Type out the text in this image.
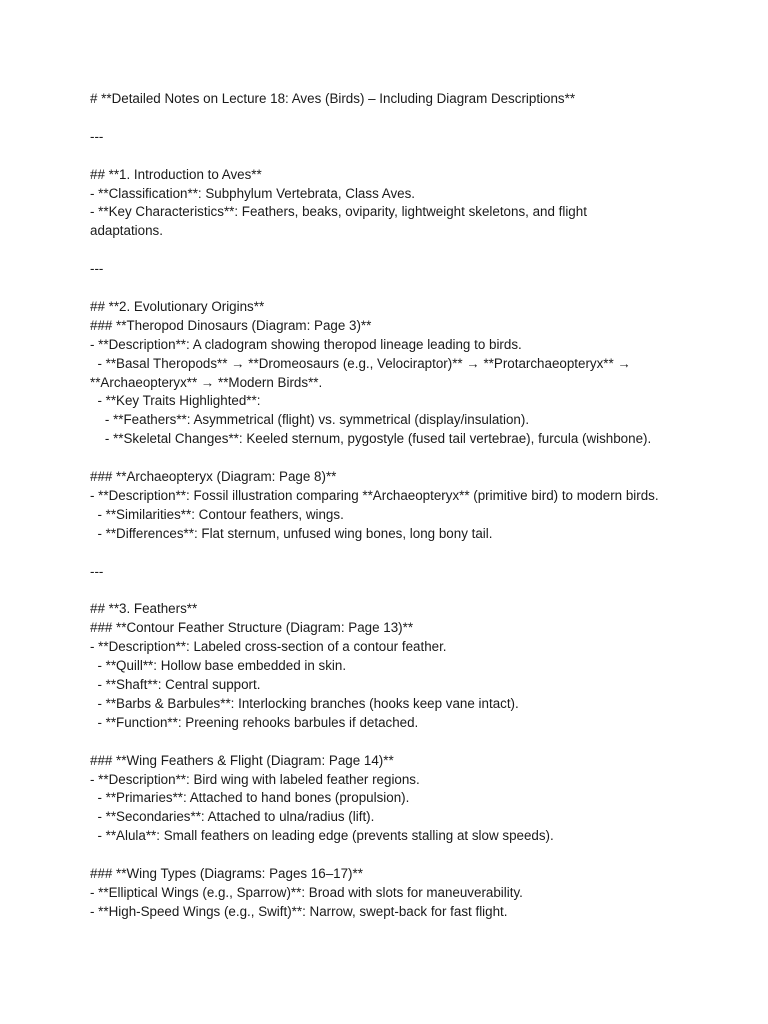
# **Detailed Notes on Lecture 18: Aves (Birds) – Including Diagram Descriptions**

---

## **1. Introduction to Aves**

- **Classification**: Subphylum Vertebrata, Class Aves.

- **Key Characteristics**: Feathers, beaks, oviparity, lightweight skeletons, and flight

adaptations.

---

## **2. Evolutionary Origins**

### **Theropod Dinosaurs (Diagram: Page 3)**

- **Description**: A cladogram showing theropod lineage leading to birds.

- **Basal Theropods** → **Dromeosaurs (e.g., Velociraptor)** → **Protarchaeopteryx** →

**Archaeopteryx** → **Modern Birds**.

- **Key Traits Highlighted**:

- **Feathers**: Asymmetrical (flight) vs. symmetrical (display/insulation).

- **Skeletal Changes**: Keeled sternum, pygostyle (fused tail vertebrae), furcula (wishbone).

### **Archaeopteryx (Diagram: Page 8)**

- **Description**: Fossil illustration comparing **Archaeopteryx** (primitive bird) to modern birds.

- **Similarities**: Contour feathers, wings.

- **Differences**: Flat sternum, unfused wing bones, long bony tail.

---

## **3. Feathers**

### **Contour Feather Structure (Diagram: Page 13)**

- **Description**: Labeled cross-section of a contour feather.

- **Quill**: Hollow base embedded in skin.

- **Shaft**: Central support.

- **Barbs & Barbules**: Interlocking branches (hooks keep vane intact).

- **Function**: Preening rehooks barbules if detached.

### **Wing Feathers & Flight (Diagram: Page 14)**

- **Description**: Bird wing with labeled feather regions.

- **Primaries**: Attached to hand bones (propulsion).

- **Secondaries**: Attached to ulna/radius (lift).

- **Alula**: Small feathers on leading edge (prevents stalling at slow speeds).

### **Wing Types (Diagrams: Pages 16–17)**

- **Elliptical Wings (e.g., Sparrow)**: Broad with slots for maneuverability.

- **High-Speed Wings (e.g., Swift)**: Narrow, swept-back for fast flight.
